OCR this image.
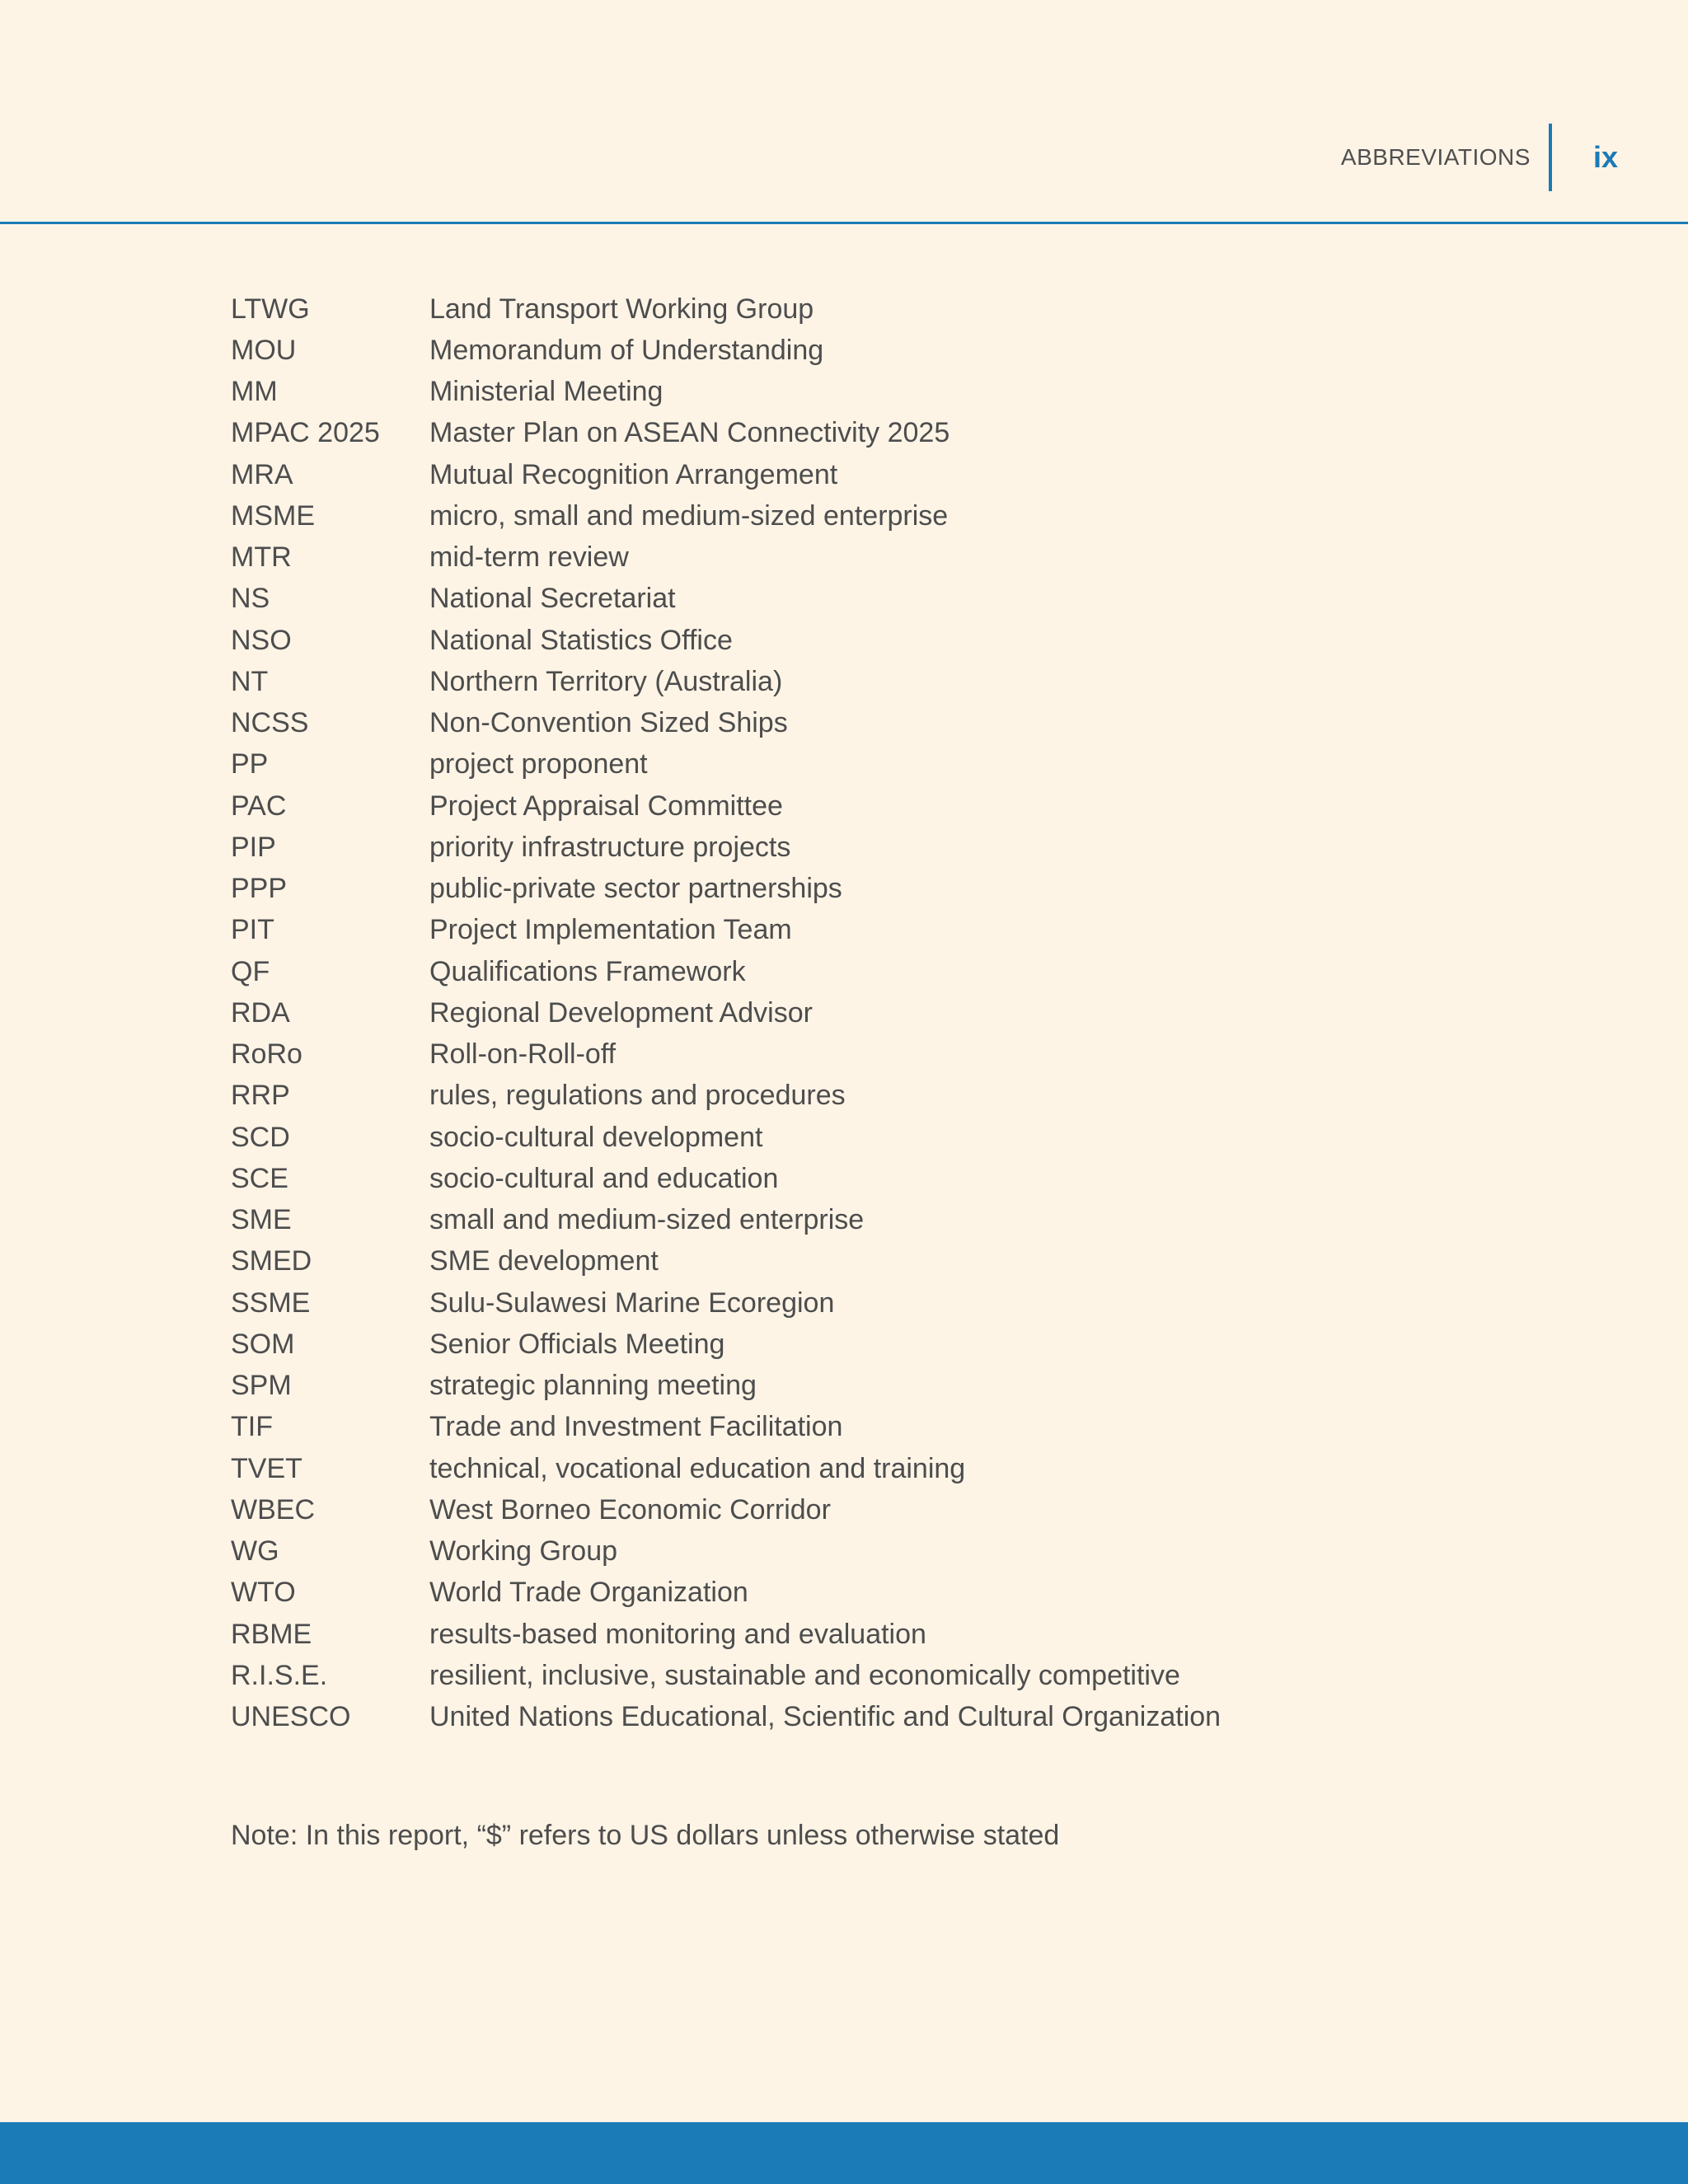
ABBREVIATIONS ix
LTWG	Land Transport Working Group
MOU	Memorandum of Understanding
MM	Ministerial Meeting
MPAC 2025	Master Plan on ASEAN Connectivity 2025
MRA	Mutual Recognition Arrangement
MSME	micro, small and medium-sized enterprise
MTR	mid-term review
NS	National Secretariat
NSO	National Statistics Office
NT	Northern Territory (Australia)
NCSS	Non-Convention Sized Ships
PP	project proponent
PAC	Project Appraisal Committee
PIP	priority infrastructure projects
PPP	public-private sector partnerships
PIT	Project Implementation Team
QF	Qualifications Framework
RDA	Regional Development Advisor
RoRo	Roll-on-Roll-off
RRP	rules, regulations and procedures
SCD	socio-cultural development
SCE	socio-cultural and education
SME	small and medium-sized enterprise
SMED	SME development
SSME	Sulu-Sulawesi Marine Ecoregion
SOM	Senior Officials Meeting
SPM	strategic planning meeting
TIF	Trade and Investment Facilitation
TVET	technical, vocational education and training
WBEC	West Borneo Economic Corridor
WG	Working Group
WTO	World Trade Organization
RBME	results-based monitoring and evaluation
R.I.S.E.	resilient, inclusive, sustainable and economically competitive
UNESCO	United Nations Educational, Scientific and Cultural Organization
Note: In this report, “$” refers to US dollars unless otherwise stated
